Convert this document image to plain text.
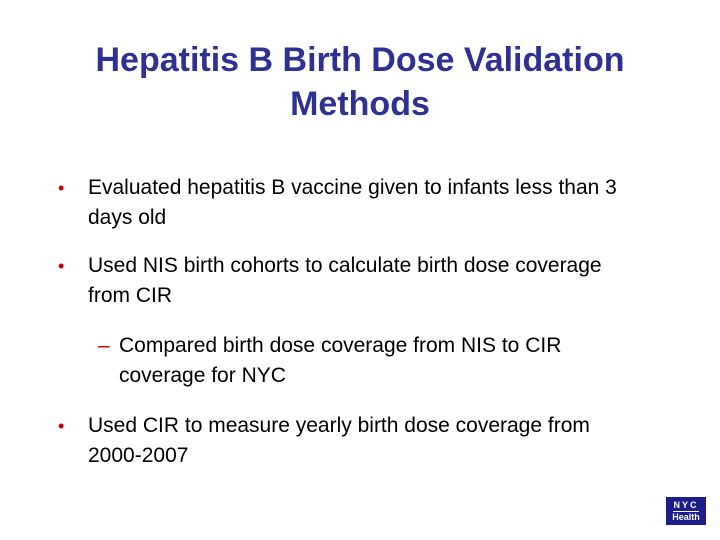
Hepatitis B Birth Dose Validation
Methods
• Evaluated hepatitis B vaccine given to infants less than 3
days old
• Used NIS birth cohorts to calculate birth dose coverage
from CIR
– Compared birth dose coverage from NIS to CIR
coverage for NYC
• Used CIR to measure yearly birth dose coverage from
2000-2007
NYC
Health
